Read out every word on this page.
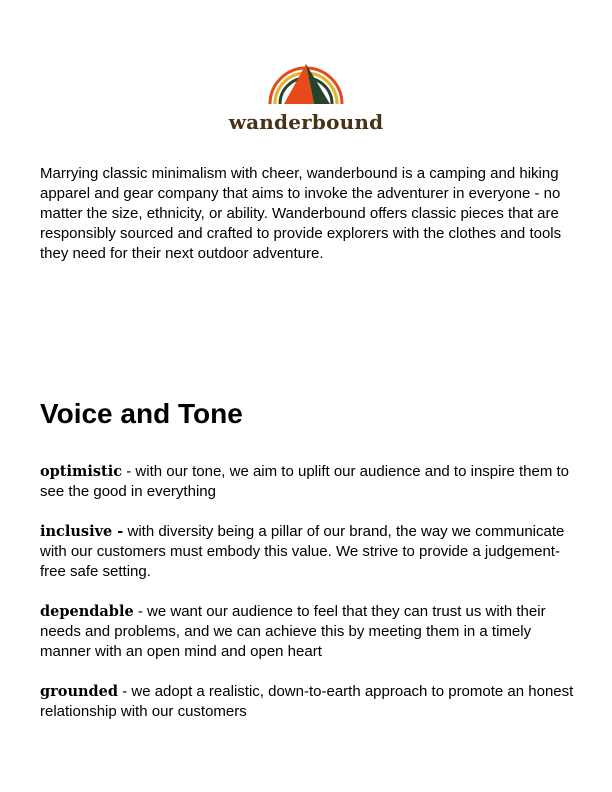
wanderbound

Marrying classic minimalism with cheer, wanderbound is a camping and hiking apparel and gear company that aims to invoke the adventurer in everyone - no matter the size, ethnicity, or ability. Wanderbound offers classic pieces that are responsibly sourced and crafted to provide explorers with the clothes and tools they need for their next outdoor adventure.

Voice and Tone

optimistic - with our tone, we aim to uplift our audience and to inspire them to see the good in everything

inclusive - with diversity being a pillar of our brand, the way we communicate with our customers must embody this value. We strive to provide a judgement-free safe setting.

dependable - we want our audience to feel that they can trust us with their needs and problems, and we can achieve this by meeting them in a timely manner with an open mind and open heart

grounded - we adopt a realistic, down-to-earth approach to promote an honest relationship with our customers
